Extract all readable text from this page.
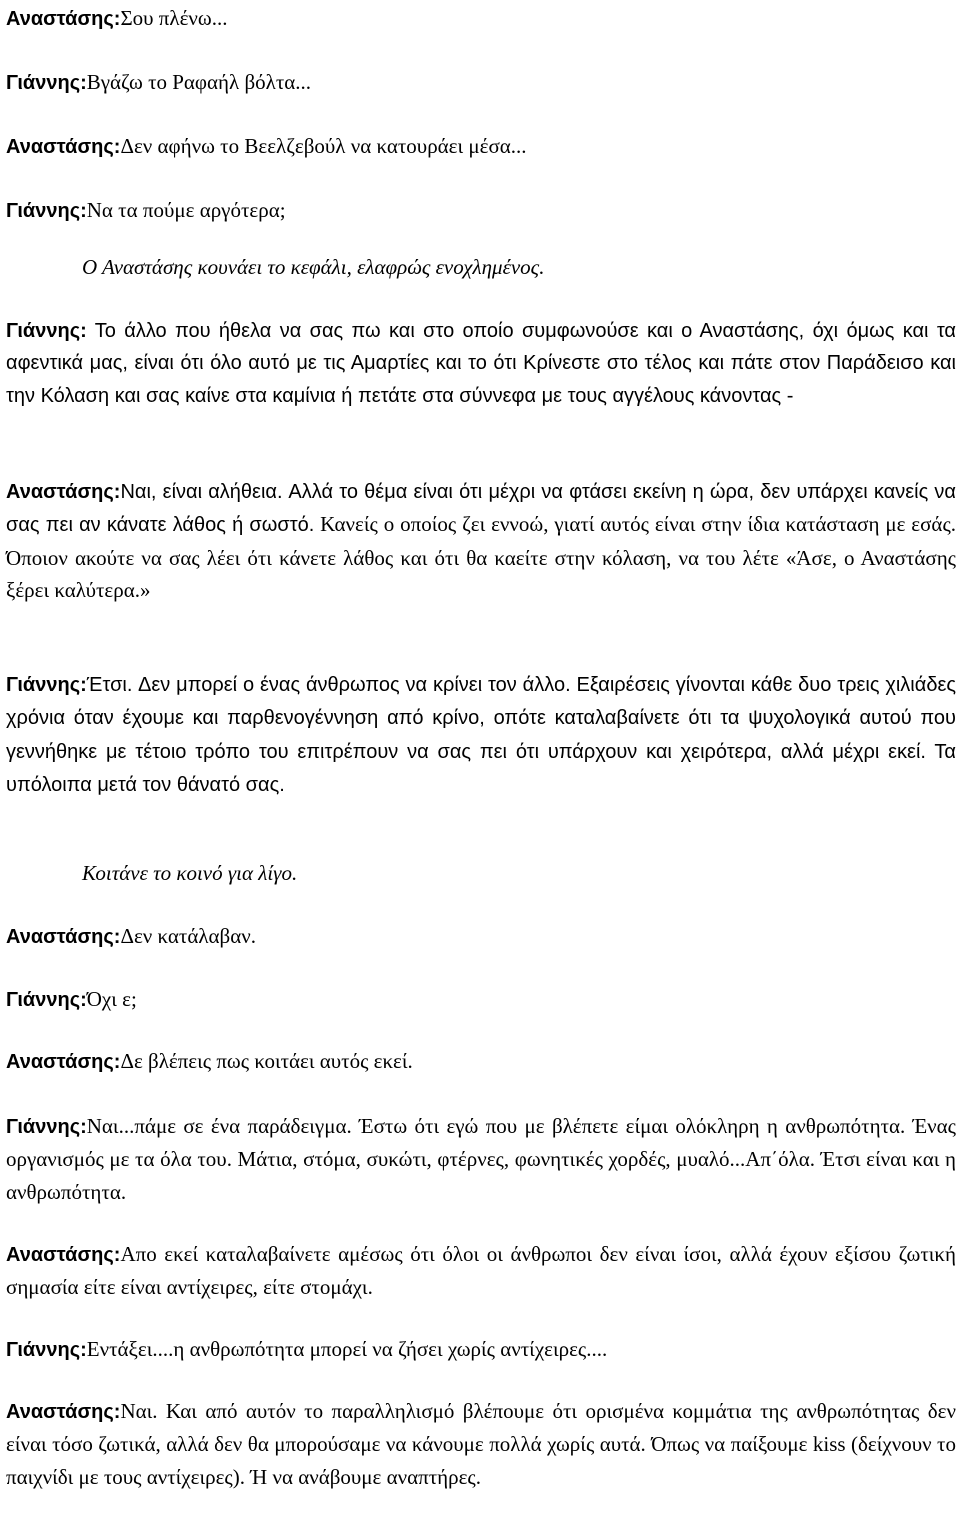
Αναστάσης:Σου πλένω...

Γιάννης:Βγάζω το Ραφαήλ βόλτα...

Αναστάσης:Δεν αφήνω το Βεελζεβούλ να κατουράει μέσα...

Γιάννης:Να τα πούμε αργότερα;

Ο Αναστάσης κουνάει το κεφάλι, ελαφρώς ενοχλημένος.

Γιάννης: Το άλλο που ήθελα να σας πω και στο οποίο συμφωνούσε και ο Αναστάσης, όχι όμως και τα αφεντικά μας, είναι ότι όλο αυτό με τις Αμαρτίες και το ότι Κρίνεστε στο τέλος και πάτε στον Παράδεισο και την Κόλαση και σας καίνε στα καμίνια ή πετάτε στα σύννεφα με τους αγγέλους κάνοντας -

Αναστάσης:Ναι, είναι αλήθεια. Αλλά το θέμα είναι ότι μέχρι να φτάσει εκείνη η ώρα, δεν υπάρχει κανείς να σας πει αν κάνατε λάθος ή σωστό. Κανείς ο οποίος ζει εννοώ, γιατί αυτός είναι στην ίδια κατάσταση με εσάς. Όποιον ακούτε να σας λέει ότι κάνετε λάθος και ότι θα καείτε στην κόλαση, να του λέτε «Άσε, ο Αναστάσης ξέρει καλύτερα.»

Γιάννης:Έτσι. Δεν μπορεί ο ένας άνθρωπος να κρίνει τον άλλο. Εξαιρέσεις γίνονται κάθε δυο τρεις χιλιάδες χρόνια όταν έχουμε και παρθενογέννηση από κρίνο, οπότε καταλαβαίνετε ότι τα ψυχολογικά αυτού που γεννήθηκε με τέτοιο τρόπο του επιτρέπουν να σας πει ότι υπάρχουν και χειρότερα, αλλά μέχρι εκεί. Τα υπόλοιπα μετά τον θάνατό σας.

Κοιτάνε το κοινό για λίγο.

Αναστάσης:Δεν κατάλαβαν.

Γιάννης:Όχι ε;

Αναστάσης:Δε βλέπεις πως κοιτάει αυτός εκεί.

Γιάννης:Ναι...πάμε σε ένα παράδειγμα. Έστω ότι εγώ που με βλέπετε είμαι ολόκληρη η ανθρωπότητα. Ένας οργανισμός με τα όλα του. Μάτια, στόμα, συκώτι, φτέρνες, φωνητικές χορδές, μυαλό...Απ΄όλα. Έτσι είναι και η ανθρωπότητα.

Αναστάσης:Απο εκεί καταλαβαίνετε αμέσως ότι όλοι οι άνθρωποι δεν είναι ίσοι, αλλά έχουν εξίσου ζωτική σημασία είτε είναι αντίχειρες, είτε στομάχι.

Γιάννης:Εντάξει....η ανθρωπότητα μπορεί να ζήσει χωρίς αντίχειρες....

Αναστάσης:Ναι. Και από αυτόν το παραλληλισμό βλέπουμε ότι ορισμένα κομμάτια της ανθρωπότητας δεν είναι τόσο ζωτικά, αλλά δεν θα μπορούσαμε να κάνουμε πολλά χωρίς αυτά. Όπως να παίξουμε kiss (δείχνουν το παιχνίδι με τους αντίχειρες). Ή να ανάβουμε αναπτήρες.
